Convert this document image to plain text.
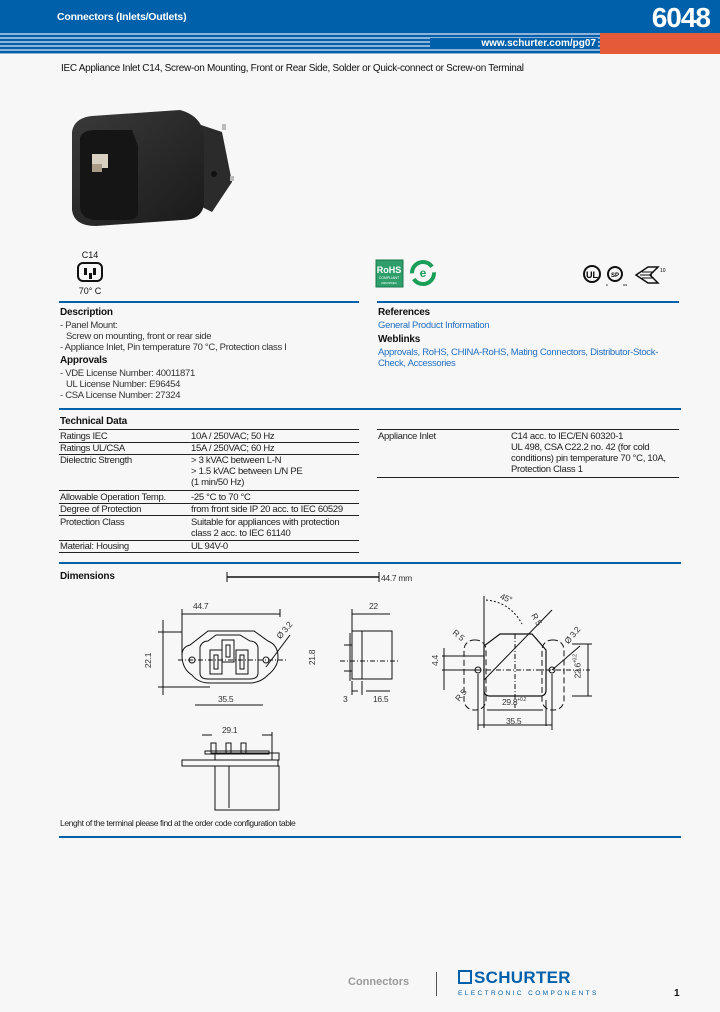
Connectors (Inlets/Outlets)	6048
www.schurter.com/pg07
IEC Appliance Inlet C14, Screw-on Mounting, Front or Rear Side, Solder or Quick-connect or Screw-on Terminal
C14
70° C
RoHS
COMPLIANT
2002/95/EC
e	UL
c
SP
us
10
Description
- Panel Mount:
Screw on mounting, front or rear side
- Appliance Inlet, Pin temperature 70 °C, Protection class I
Approvals
- VDE License Number: 40011871
UL License Number: E96454
- CSA License Number: 27324
References
General Product Information
Weblinks
Approvals, RoHS, CHINA-RoHS, Mating Connectors, Distributor-Stock-
Check, Accessories
Technical Data
Ratings IEC	10A / 250VAC; 50 Hz
Ratings UL/CSA	15A / 250VAC; 60 Hz
Dielectric Strength	> 3 kVAC between L-N
> 1.5 kVAC between L/N PE
(1 min/50 Hz)
Allowable Operation Temp.	-25 °C to 70 °C
Degree of Protection	from front side IP 20 acc. to IEC 60529
Protection Class	Suitable for appliances with protection
class 2 acc. to IEC 61140
Material: Housing	UL 94V-0
Appliance Inlet	C14 acc. to IEC/EN 60320-1
UL 498, CSA C22.2 no. 42 (for cold
conditions) pin temperature 70 °C, 10A,
Protection Class 1
Dimensions	44.7 mm
44.7
22.1
Ø 3.2
35.5
22
21.8
3	16.5
45°
R 5
R 5
R 5
4.4
Ø 3.2
$29.8^{+0.2}$
$22.6^{+0.2}$
35.5
29.1
Lenght of the terminal please find at the order code configuration table
Connectors	SCHURTER
ELECTRONIC COMPONENTS	1
